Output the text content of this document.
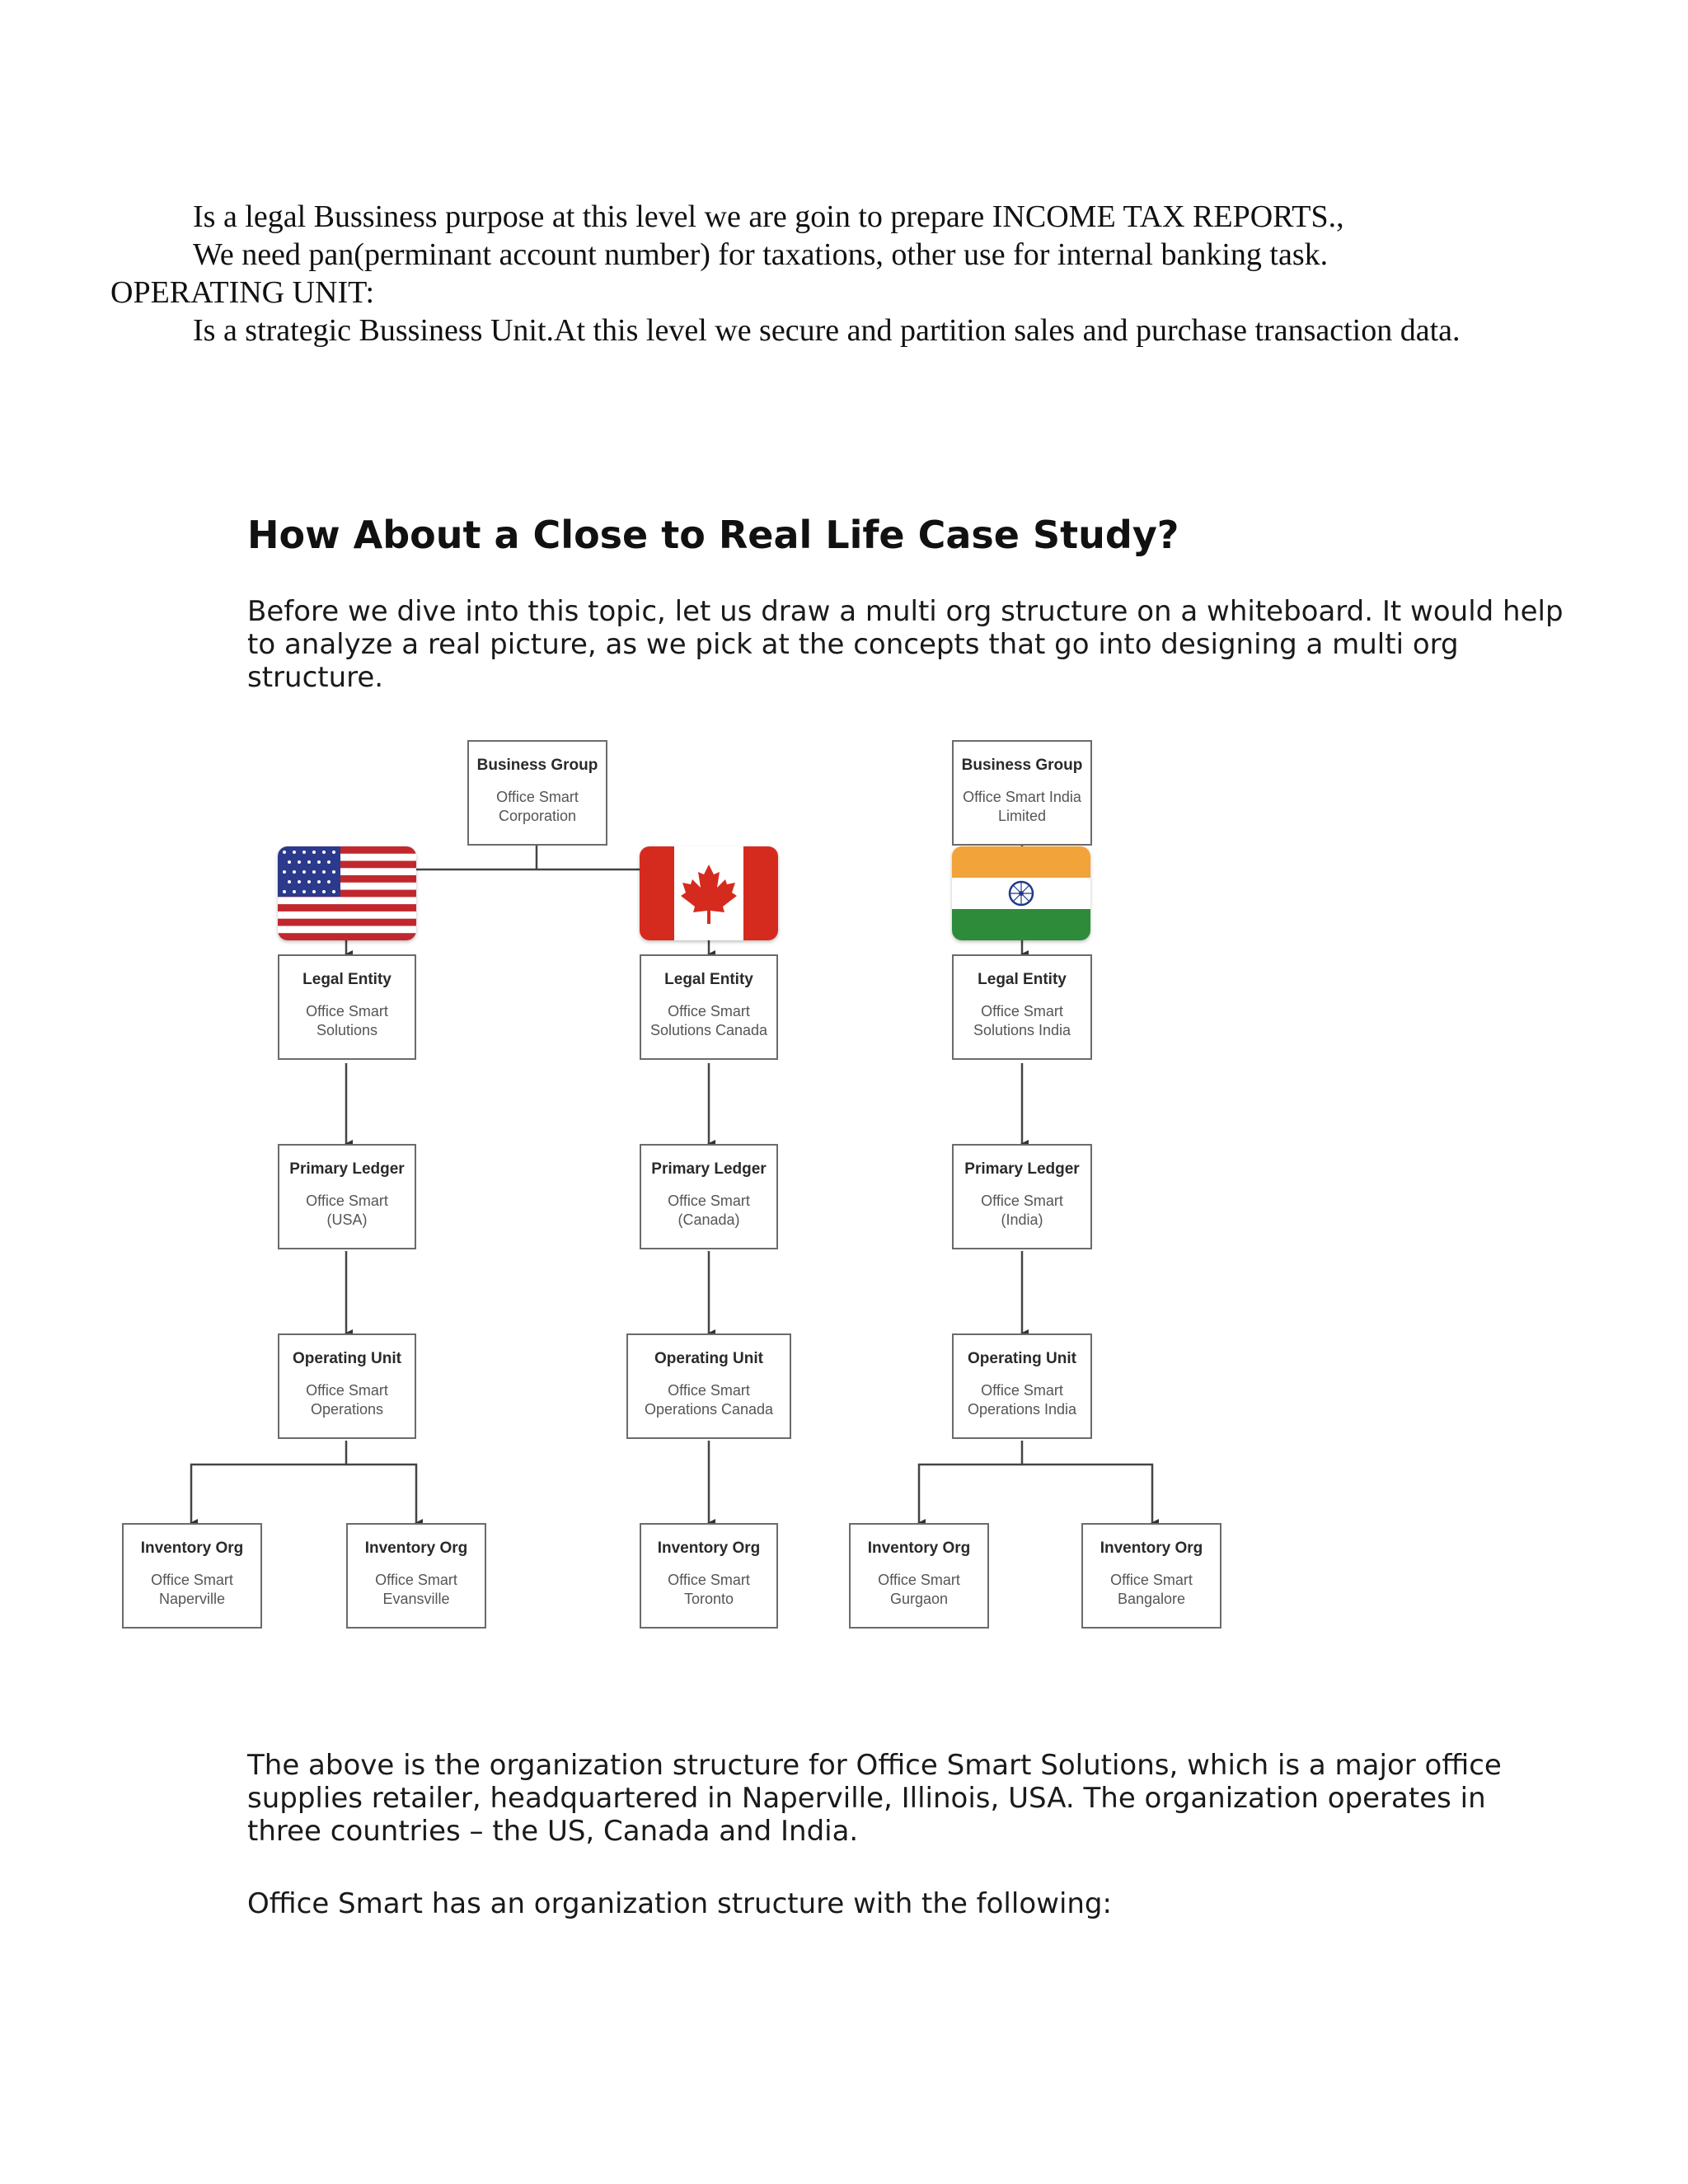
Is a legal Bussiness purpose at this level we are goin to prepare INCOME TAX REPORTS.,
We need pan(perminant account number) for taxations, other use for internal banking task.
OPERATING UNIT:
Is a strategic Bussiness Unit.At this level we secure and partition sales and purchase transaction data.
How About a Close to Real Life Case Study?
Before we dive into this topic, let us draw a multi org structure on a whiteboard. It would help to analyze a real picture, as we pick at the concepts that go into designing a multi org structure.
Business Group
Office Smart
Corporation
Business Group
Office Smart India
Limited
Legal Entity
Office Smart
Solutions
Primary Ledger
Office Smart
(USA)
Operating Unit
Office Smart
Operations
Inventory Org
Office Smart
Naperville
Inventory Org
Office Smart
Evansville
Legal Entity
Office Smart
Solutions Canada
Primary Ledger
Office Smart
(Canada)
Operating Unit
Office Smart
Operations Canada
Inventory Org
Office Smart
Toronto
Legal Entity
Office Smart
Solutions India
Primary Ledger
Office Smart
(India)
Operating Unit
Office Smart
Operations India
Inventory Org
Office Smart
Gurgaon
Inventory Org
Office Smart
Bangalore
The above is the organization structure for Office Smart Solutions, which is a major office supplies retailer, headquartered in Naperville, Illinois, USA. The organization operates in three countries – the US, Canada and India.
Office Smart has an organization structure with the following:
